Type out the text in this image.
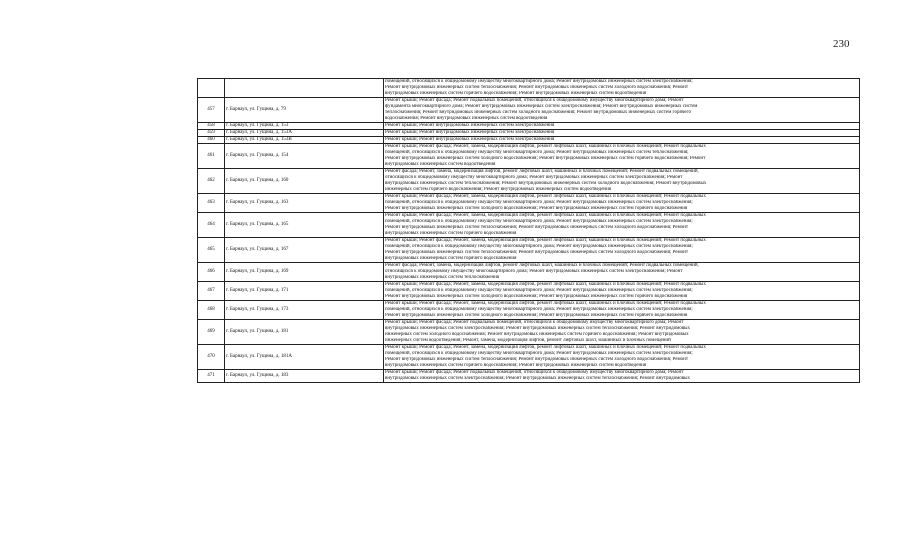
230

		помещений, относящихся к общедомовому имуществу многоквартирного дома; Ремонт внутридомовых инженерных систем электроснабжения;
Ремонт внутридомовых инженерных систем теплоснабжения; Ремонт внутридомовых инженерных систем холодного водоснабжения; Ремонт
внутридомовых инженерных систем горячего водоснабжения; Ремонт внутридомовых инженерных систем водоотведения

457	г. Барнаул, ул. Гущина, д. 79	Ремонт крыши; Ремонт фасада; Ремонт подвальных помещений, относящихся к общедомовому имуществу многоквартирного дома; Ремонт
фундамента многоквартирного дома; Ремонт внутридомовых инженерных систем электроснабжения; Ремонт внутридомовых инженерных систем
теплоснабжения; Ремонт внутридомовых инженерных систем холодного водоснабжения; Ремонт внутридомовых инженерных систем горячего
водоснабжения; Ремонт внутридомовых инженерных систем водоотведения

458	г. Барнаул, ул. Гущина, д. 153	Ремонт крыши; Ремонт внутридомовых инженерных систем электроснабжения

459	г. Барнаул, ул. Гущина, д. 153А	Ремонт крыши; Ремонт внутридомовых инженерных систем электроснабжения

460	г. Барнаул, ул. Гущина, д. 153В	Ремонт крыши; Ремонт внутридомовых инженерных систем электроснабжения

461	г. Барнаул, ул. Гущина, д. 154	Ремонт крыши; Ремонт фасада; Ремонт, замена, модернизация лифтов, ремонт лифтовых шахт, машинных и блочных помещений; Ремонт подвальных
помещений, относящихся к общедомовому имуществу многоквартирного дома; Ремонт внутридомовых инженерных систем теплоснабжения;
Ремонт внутридомовых инженерных систем холодного водоснабжения; Ремонт внутридомовых инженерных систем горячего водоснабжения; Ремонт
внутридомовых инженерных систем водоотведения

462	г. Барнаул, ул. Гущина, д. 160	Ремонт фасада; Ремонт, замена, модернизация лифтов, ремонт лифтовых шахт, машинных и блочных помещений; Ремонт подвальных помещений,
относящихся к общедомовому имуществу многоквартирного дома; Ремонт внутридомовых инженерных систем электроснабжения; Ремонт
внутридомовых инженерных систем теплоснабжения; Ремонт внутридомовых инженерных систем холодного водоснабжения; Ремонт внутридомовых
инженерных систем горячего водоснабжения; Ремонт внутридомовых инженерных систем водоотведения

463	г. Барнаул, ул. Гущина, д. 163	Ремонт крыши; Ремонт фасада; Ремонт, замена, модернизация лифтов, ремонт лифтовых шахт, машинных и блочных помещений; Ремонт подвальных
помещений, относящихся к общедомовому имуществу многоквартирного дома; Ремонт внутридомовых инженерных систем электроснабжения;
Ремонт внутридомовых инженерных систем холодного водоснабжения; Ремонт внутридомовых инженерных систем горячего водоснабжения

464	г. Барнаул, ул. Гущина, д. 165	Ремонт крыши; Ремонт фасада; Ремонт, замена, модернизация лифтов, ремонт лифтовых шахт, машинных и блочных помещений; Ремонт подвальных
помещений, относящихся к общедомовому имуществу многоквартирного дома; Ремонт внутридомовых инженерных систем электроснабжения;
Ремонт внутридомовых инженерных систем теплоснабжения; Ремонт внутридомовых инженерных систем холодного водоснабжения; Ремонт
внутридомовых инженерных систем горячего водоснабжения

465	г. Барнаул, ул. Гущина, д. 167	Ремонт крыши; Ремонт фасада; Ремонт, замена, модернизация лифтов, ремонт лифтовых шахт, машинных и блочных помещений; Ремонт подвальных
помещений, относящихся к общедомовому имуществу многоквартирного дома; Ремонт внутридомовых инженерных систем электроснабжения;
Ремонт внутридомовых инженерных систем теплоснабжения; Ремонт внутридомовых инженерных систем холодного водоснабжения; Ремонт
внутридомовых инженерных систем горячего водоснабжения

466	г. Барнаул, ул. Гущина, д. 169	Ремонт фасада; Ремонт, замена, модернизация лифтов, ремонт лифтовых шахт, машинных и блочных помещений; Ремонт подвальных помещений,
относящихся к общедомовому имуществу многоквартирного дома; Ремонт внутридомовых инженерных систем электроснабжения; Ремонт
внутридомовых инженерных систем теплоснабжения

467	г. Барнаул, ул. Гущина, д. 171	Ремонт крыши; Ремонт фасада; Ремонт, замена, модернизация лифтов, ремонт лифтовых шахт, машинных и блочных помещений; Ремонт подвальных
помещений, относящихся к общедомовому имуществу многоквартирного дома; Ремонт внутридомовых инженерных систем электроснабжения;
Ремонт внутридомовых инженерных систем холодного водоснабжения; Ремонт внутридомовых инженерных систем горячего водоснабжения

468	г. Барнаул, ул. Гущина, д. 173	Ремонт крыши; Ремонт фасада; Ремонт, замена, модернизация лифтов, ремонт лифтовых шахт, машинных и блочных помещений; Ремонт подвальных
помещений, относящихся к общедомовому имуществу многоквартирного дома; Ремонт внутридомовых инженерных систем электроснабжения;
Ремонт внутридомовых инженерных систем холодного водоснабжения; Ремонт внутридомовых инженерных систем горячего водоснабжения

469	г. Барнаул, ул. Гущина, д. 181	Ремонт крыши; Ремонт фасада; Ремонт подвальных помещений, относящихся к общедомовому имуществу многоквартирного дома; Ремонт
внутридомовых инженерных систем электроснабжения; Ремонт внутридомовых инженерных систем теплоснабжения; Ремонт внутридомовых
инженерных систем холодного водоснабжения; Ремонт внутридомовых инженерных систем горячего водоснабжения; Ремонт внутридомовых
инженерных систем водоотведения; Ремонт, замена, модернизация лифтов, ремонт лифтовых шахт, машинных и блочных помещений

470	г. Барнаул, ул. Гущина, д. 181А	Ремонт крыши; Ремонт фасада; Ремонт, замена, модернизация лифтов, ремонт лифтовых шахт, машинных и блочных помещений; Ремонт подвальных
помещений, относящихся к общедомовому имуществу многоквартирного дома; Ремонт внутридомовых инженерных систем электроснабжения;
Ремонт внутридомовых инженерных систем теплоснабжения; Ремонт внутридомовых инженерных систем холодного водоснабжения; Ремонт
внутридомовых инженерных систем горячего водоснабжения; Ремонт внутридомовых инженерных систем водоотведения

471	г. Барнаул, ул. Гущина, д. 183	Ремонт крыши; Ремонт фасада; Ремонт подвальных помещений, относящихся к общедомовому имуществу многоквартирного дома; Ремонт
внутридомовых инженерных систем электроснабжения; Ремонт внутридомовых инженерных систем теплоснабжения; Ремонт внутридомовых
